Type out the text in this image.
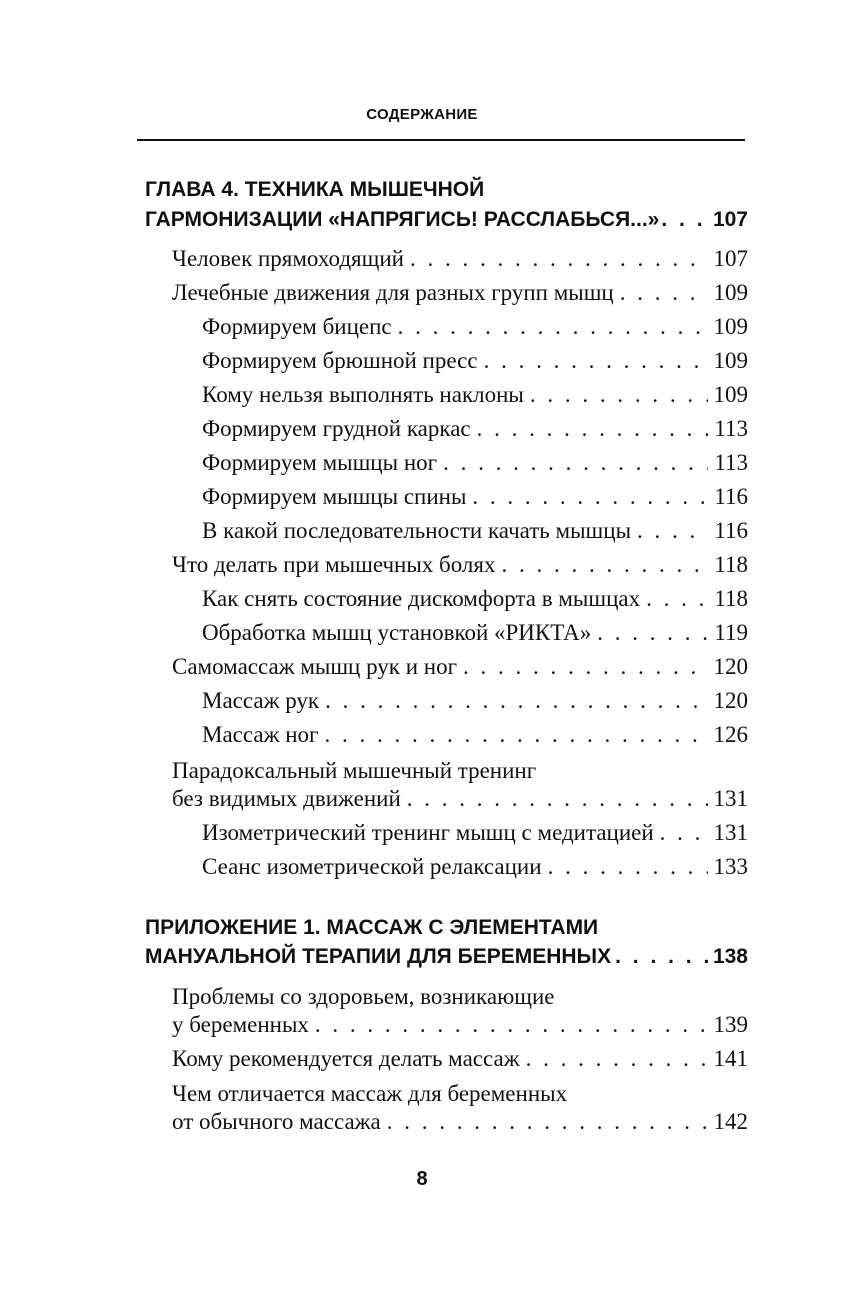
СОДЕРЖАНИЕ
ГЛАВА 4. ТЕХНИКА МЫШЕЧНОЙ
ГАРМОНИЗАЦИИ «НАПРЯГИСЬ! РАССЛАБЬСЯ...» . . .	107
Человек прямоходящий . . .	107
Лечебные движения для разных групп мышц . . .	109
Формируем бицепс . . .	109
Формируем брюшной пресс . . .	109
Кому нельзя выполнять наклоны . . .	109
Формируем грудной каркас . . .	113
Формируем мышцы ног . . .	113
Формируем мышцы спины . . .	116
В какой последовательности качать мышцы . . .	116
Что делать при мышечных болях . . .	118
Как снять состояние дискомфорта в мышцах . . .	118
Обработка мышц установкой «РИКТА» . . .	119
Самомассаж мышц рук и ног . . .	120
Массаж рук . . .	120
Массаж ног . . .	126
Парадоксальный мышечный тренинг
без видимых движений . . .	131
Изометрический тренинг мышц с медитацией . . .	131
Сеанс изометрической релаксации . . .	133
ПРИЛОЖЕНИЕ 1. МАССАЖ С ЭЛЕМЕНТАМИ
МАНУАЛЬНОЙ ТЕРАПИИ ДЛЯ БЕРЕМЕННЫХ . . .	138
Проблемы со здоровьем, возникающие
у беременных . . .	139
Кому рекомендуется делать массаж . . .	141
Чем отличается массаж для беременных
от обычного массажа . . .	142
8
